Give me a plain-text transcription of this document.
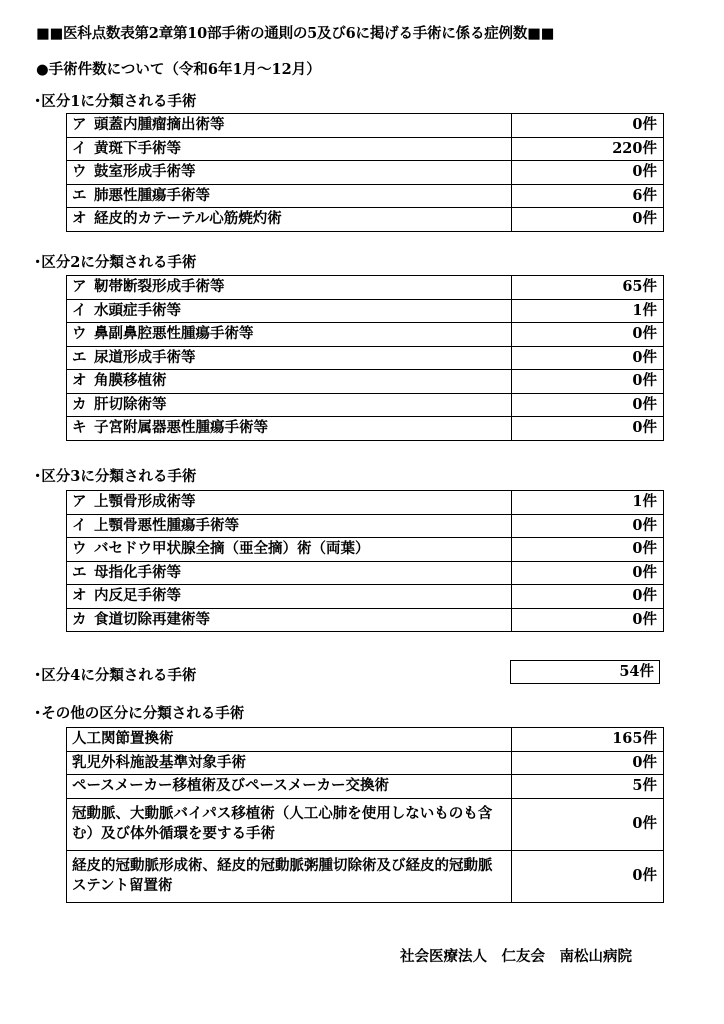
■■医科点数表第2章第10部手術の通則の5及び6に掲げる手術に係る症例数■■
●手術件数について（令和6年1月～12月）
･区分1に分類される手術
ア 頭蓋内腫瘤摘出術等	0件
イ 黄斑下手術等	220件
ウ 鼓室形成手術等	0件
エ 肺悪性腫瘍手術等	6件
オ 経皮的カテーテル心筋焼灼術	0件
･区分2に分類される手術
ア 靭帯断裂形成手術等	65件
イ 水頭症手術等	1件
ウ 鼻副鼻腔悪性腫瘍手術等	0件
エ 尿道形成手術等	0件
オ 角膜移植術	0件
カ 肝切除術等	0件
キ 子宮附属器悪性腫瘍手術等	0件
･区分3に分類される手術
ア 上顎骨形成術等	1件
イ 上顎骨悪性腫瘍手術等	0件
ウ バセドウ甲状腺全摘（亜全摘）術（両葉）	0件
エ 母指化手術等	0件
オ 内反足手術等	0件
カ 食道切除再建術等	0件
･区分4に分類される手術	54件
･その他の区分に分類される手術
人工関節置換術	165件
乳児外科施設基準対象手術	0件
ペースメーカー移植術及びペースメーカー交換術	5件
冠動脈、大動脈バイパス移植術（人工心肺を使用しないものも含む）及び体外循環を要する手術	0件
経皮的冠動脈形成術、経皮的冠動脈粥腫切除術及び経皮的冠動脈ステント留置術	0件
社会医療法人　仁友会　南松山病院
